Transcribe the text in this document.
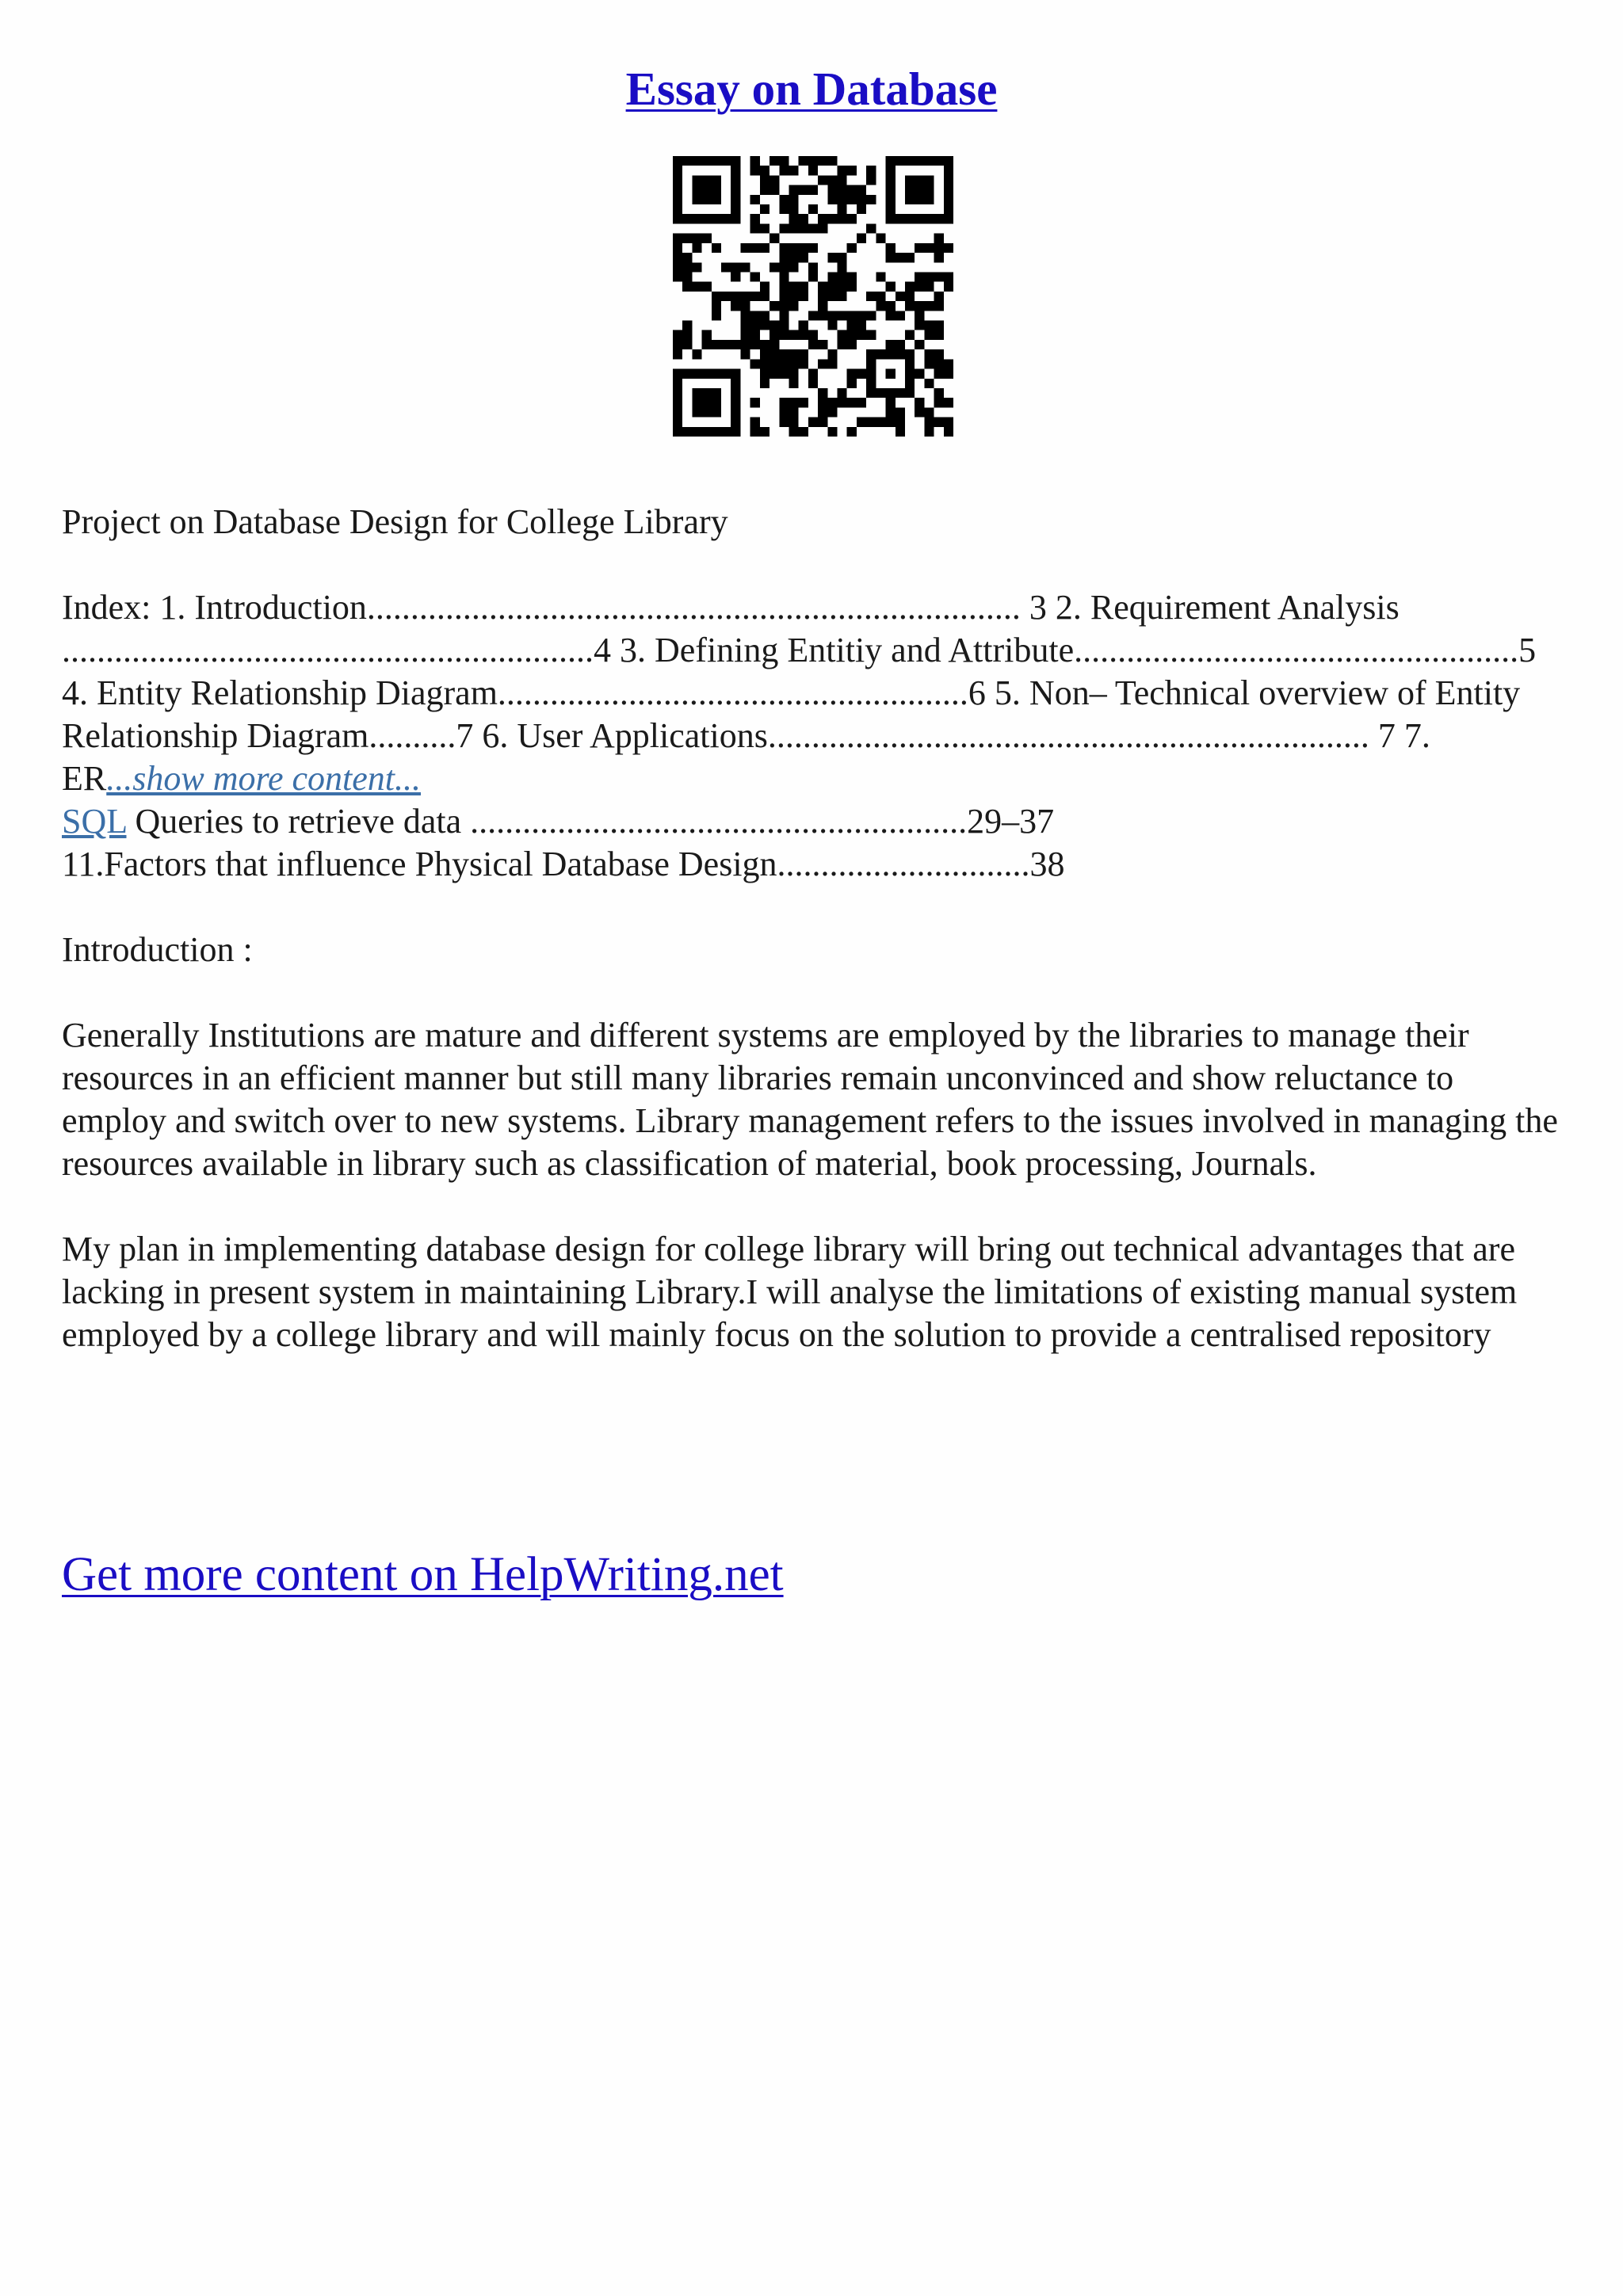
Essay on Database

Project on Database Design for College Library

Index: 1. Introduction........................................................................... 3 2. Requirement Analysis .............................................................4 3. Defining Entitiy and Attribute...................................................5 4. Entity Relationship Diagram......................................................6 5. Non– Technical overview of Entity Relationship Diagram..........7 6. User Applications..................................................................... 7 7. ER...show more content...

SQL Queries to retrieve data .........................................................29–37

11.Factors that influence Physical Database Design.............................38

Introduction :

Generally Institutions are mature and different systems are employed by the libraries to manage their resources in an efficient manner but still many libraries remain unconvinced and show reluctance to employ and switch over to new systems. Library management refers to the issues involved in managing the resources available in library such as classification of material, book processing, Journals.

My plan in implementing database design for college library will bring out technical advantages that are lacking in present system in maintaining Library.I will analyse the limitations of existing manual system employed by a college library and will mainly focus on the solution to provide a centralised repository

Get more content on HelpWriting.net
